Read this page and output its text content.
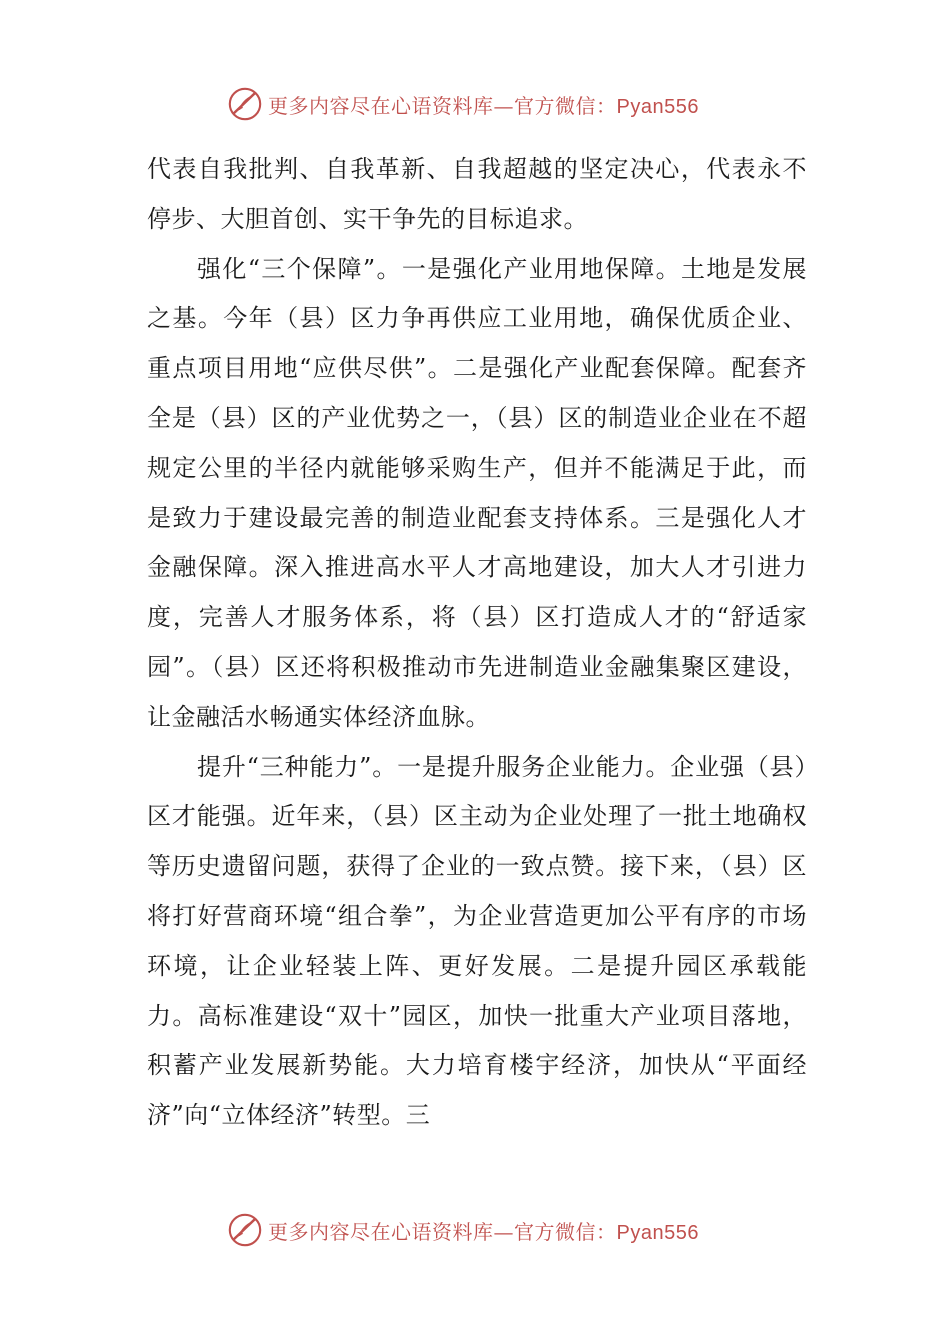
更多内容尽在心语资料库—官方微信：Pyan556

代表自我批判、自我革新、自我超越的坚定决心，代表永不停步、大胆首创、实干争先的目标追求。

强化“三个保障”。一是强化产业用地保障。土地是发展之基。今年（县）区力争再供应工业用地，确保优质企业、重点项目用地“应供尽供”。二是强化产业配套保障。配套齐全是（县）区的产业优势之一，（县）区的制造业企业在不超规定公里的半径内就能够采购生产，但并不能满足于此，而是致力于建设最完善的制造业配套支持体系。三是强化人才金融保障。深入推进高水平人才高地建设，加大人才引进力度，完善人才服务体系，将（县）区打造成人才的“舒适家园”。（县）区还将积极推动市先进制造业金融集聚区建设，让金融活水畅通实体经济血脉。

提升“三种能力”。一是提升服务企业能力。企业强（县）区才能强。近年来，（县）区主动为企业处理了一批土地确权等历史遗留问题，获得了企业的一致点赞。接下来，（县）区将打好营商环境“组合拳”，为企业营造更加公平有序的市场环境，让企业轻装上阵、更好发展。二是提升园区承载能力。高标准建设“双十”园区，加快一批重大产业项目落地，积蓄产业发展新势能。大力培育楼宇经济，加快从“平面经济”向“立体经济”转型。三

更多内容尽在心语资料库—官方微信：Pyan556
